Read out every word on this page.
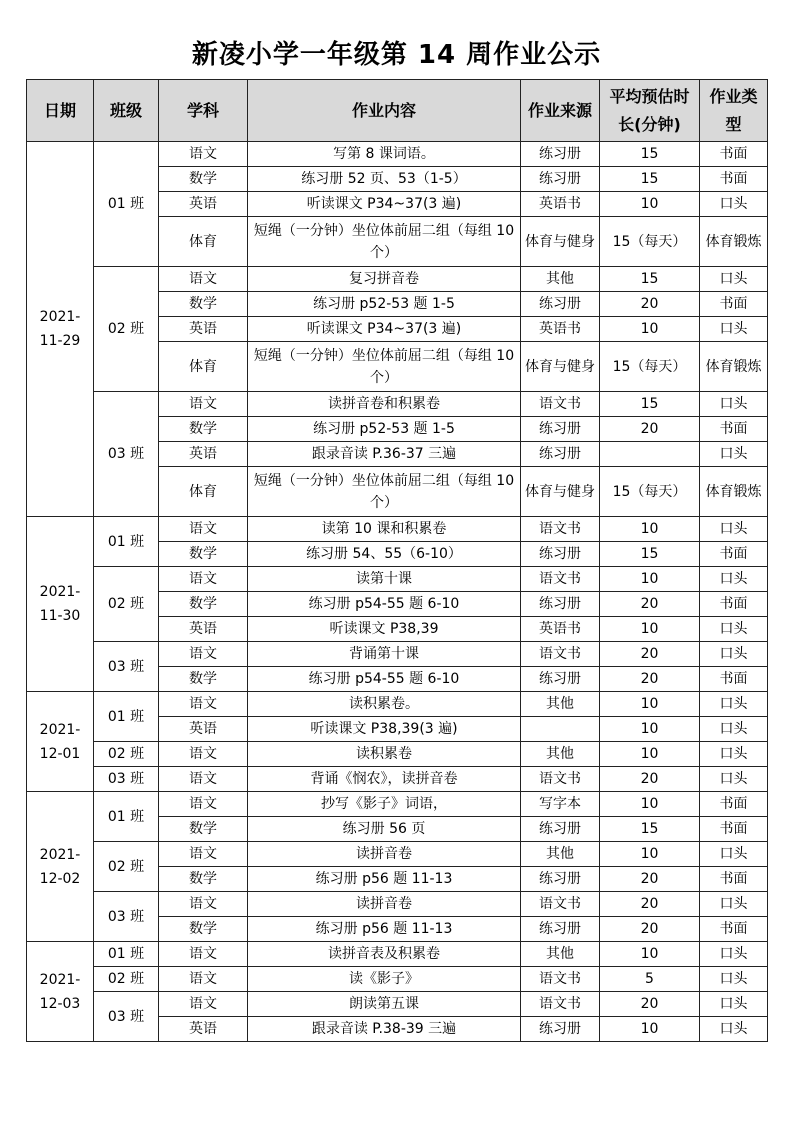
新凌小学一年级第 14 周作业公示
日期	班级	学科	作业内容	作业来源	平均预估时长(分钟)	作业类型
2021-11-29	01 班	语文	写第 8 课词语。	练习册	15	书面
		数学	练习册 52 页、53（1-5）	练习册	15	书面
		英语	听读课文 P34~37(3 遍)	英语书	10	口头
		体育	短绳（一分钟）坐位体前屈二组（每组 10 个）	体育与健身	15（每天）	体育锻炼
	02 班	语文	复习拼音卷	其他	15	口头
		数学	练习册 p52-53 题 1-5	练习册	20	书面
		英语	听读课文 P34~37(3 遍)	英语书	10	口头
		体育	短绳（一分钟）坐位体前屈二组（每组 10 个）	体育与健身	15（每天）	体育锻炼
	03 班	语文	读拼音卷和积累卷	语文书	15	口头
		数学	练习册 p52-53 题 1-5	练习册	20	书面
		英语	跟录音读 P.36-37 三遍	练习册		口头
		体育	短绳（一分钟）坐位体前屈二组（每组 10 个）	体育与健身	15（每天）	体育锻炼
2021-11-30	01 班	语文	读第 10 课和积累卷	语文书	10	口头
		数学	练习册 54、55（6-10）	练习册	15	书面
	02 班	语文	读第十课	语文书	10	口头
		数学	练习册 p54-55 题 6-10	练习册	20	书面
		英语	听读课文 P38,39	英语书	10	口头
	03 班	语文	背诵第十课	语文书	20	口头
		数学	练习册 p54-55 题 6-10	练习册	20	书面
2021-12-01	01 班	语文	读积累卷。	其他	10	口头
		英语	听读课文 P38,39(3 遍)		10	口头
	02 班	语文	读积累卷	其他	10	口头
	03 班	语文	背诵《悯农》，读拼音卷	语文书	20	口头
2021-12-02	01 班	语文	抄写《影子》词语，	写字本	10	书面
		数学	练习册 56 页	练习册	15	书面
	02 班	语文	读拼音卷	其他	10	口头
		数学	练习册 p56 题 11-13	练习册	20	书面
	03 班	语文	读拼音卷	语文书	20	口头
		数学	练习册 p56 题 11-13	练习册	20	书面
2021-12-03	01 班	语文	读拼音表及积累卷	其他	10	口头
	02 班	语文	读《影子》	语文书	5	口头
	03 班	语文	朗读第五课	语文书	20	口头
		英语	跟录音读 P.38-39 三遍	练习册	10	口头
